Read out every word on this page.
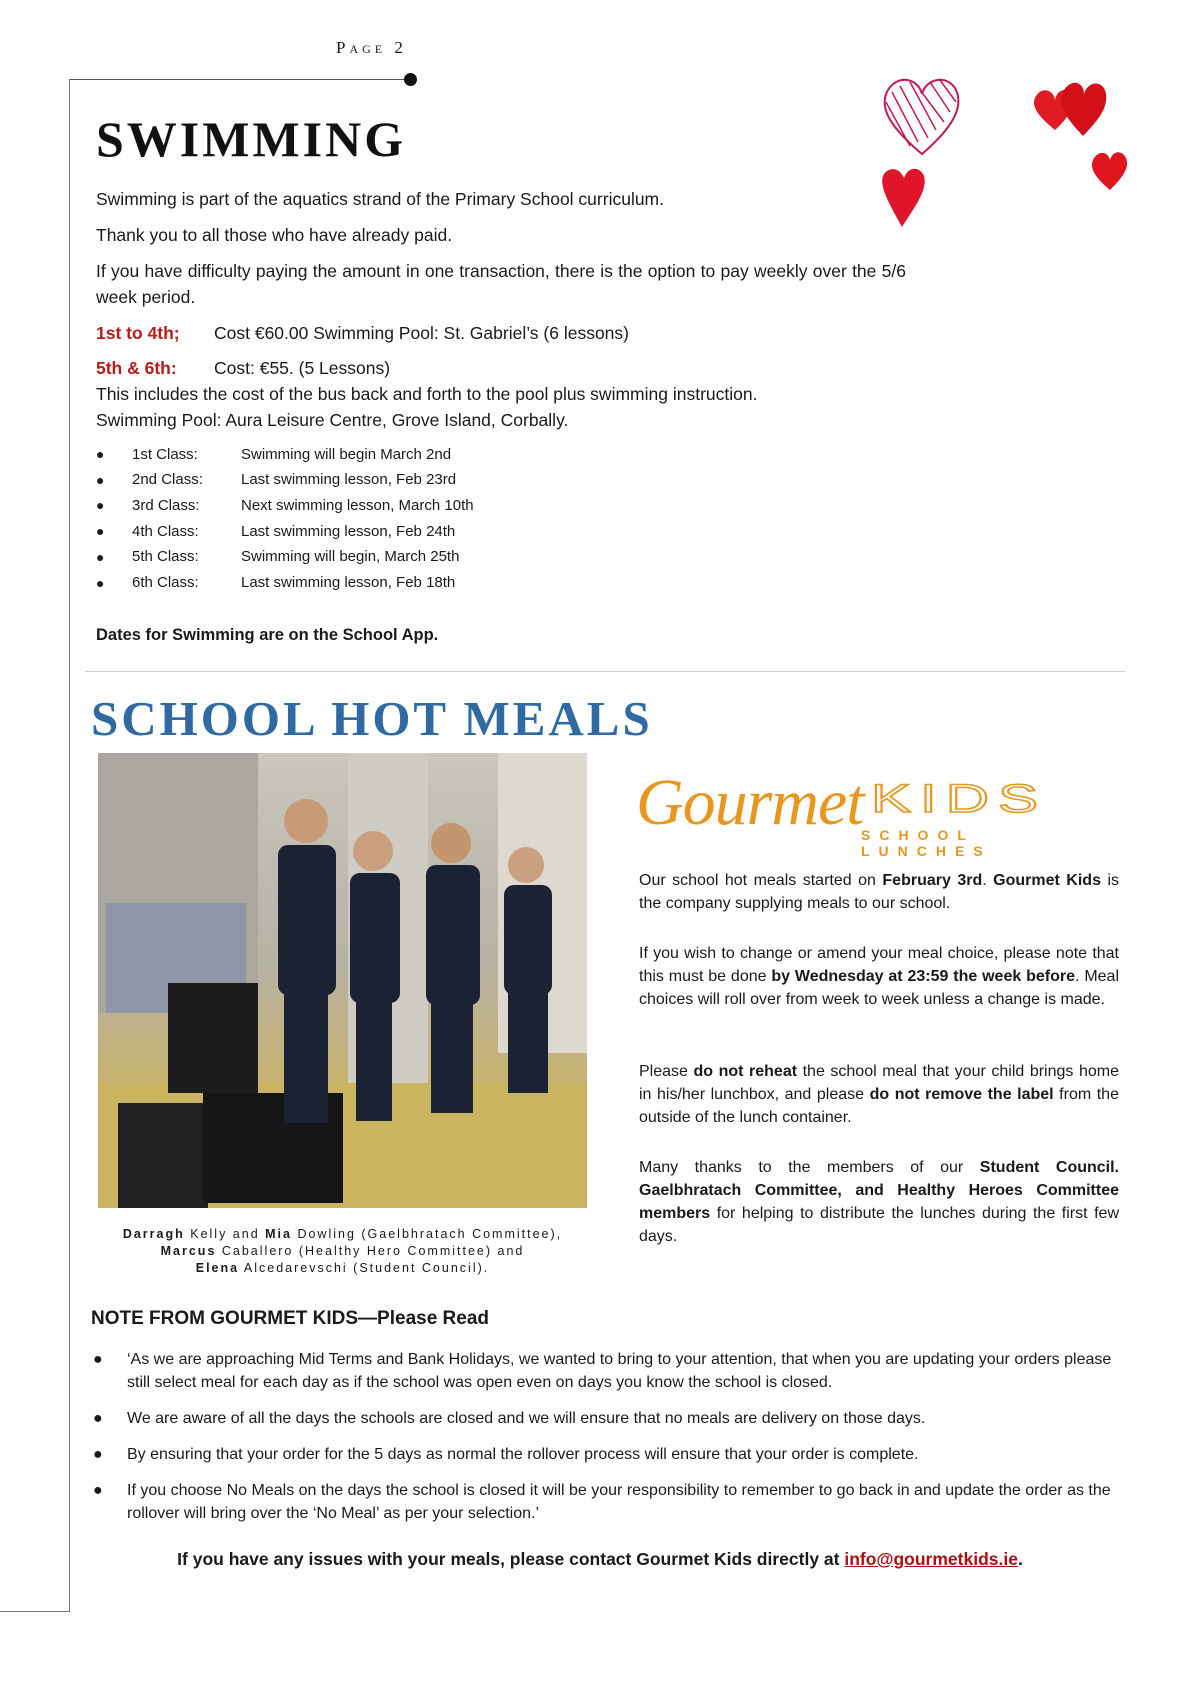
Page 2
SWIMMING

Swimming is part of the aquatics strand of the Primary School curriculum.

Thank you to all those who have already paid.

If you have difficulty paying the amount in one transaction, there is the option to pay weekly over the 5/6 week period.

1st to 4th; Cost €60.00 Swimming Pool: St. Gabriel’s (6 lessons)

5th & 6th: Cost: €55. (5 Lessons)

This includes the cost of the bus back and forth to the pool plus swimming instruction.

Swimming Pool: Aura Leisure Centre, Grove Island, Corbally.

●	1st Class:	Swimming will begin March 2nd
●	2nd Class:	Last swimming lesson, Feb 23rd
●	3rd Class:	Next swimming lesson, March 10th
●	4th Class:	Last swimming lesson, Feb 24th
●	5th Class:	Swimming will begin, March 25th
●	6th Class:	Last swimming lesson, Feb 18th

Dates for Swimming are on the School App.

SCHOOL HOT MEALS
Darragh Kelly and Mia Dowling (Gaelbhratach Committee),
Marcus Caballero (Healthy Hero Committee) and
Elena Alcedarevschi (Student Council).
Gourmet KIDS
SCHOOL LUNCHES

Our school hot meals started on February 3rd. Gourmet Kids is the company supplying meals to our school.

If you wish to change or amend your meal choice, please note that this must be done by Wednesday at 23:59 the week before. Meal choices will roll over from week to week unless a change is made.

Please do not reheat the school meal that your child brings home in his/her lunchbox, and please do not remove the label from the outside of the lunch container.

Many thanks to the members of our Student Council. Gaelbhratach Committee, and Healthy Heroes Committee members for helping to distribute the lunches during the first few days.

NOTE FROM GOURMET KIDS—Please Read
●	‘As we are approaching Mid Terms and Bank Holidays, we wanted to bring to your attention, that when you are updating your orders please still select meal for each day as if the school was open even on days you know the school is closed.
●	We are aware of all the days the schools are closed and we will ensure that no meals are delivery on those days.
●	By ensuring that your order for the 5 days as normal the rollover process will ensure that your order is complete.
●	If you choose No Meals on the days the school is closed it will be your responsibility to remember to go back in and update the order as the rollover will bring over the ‘No Meal’ as per your selection.’
If you have any issues with your meals, please contact Gourmet Kids directly at info@gourmetkids.ie.
